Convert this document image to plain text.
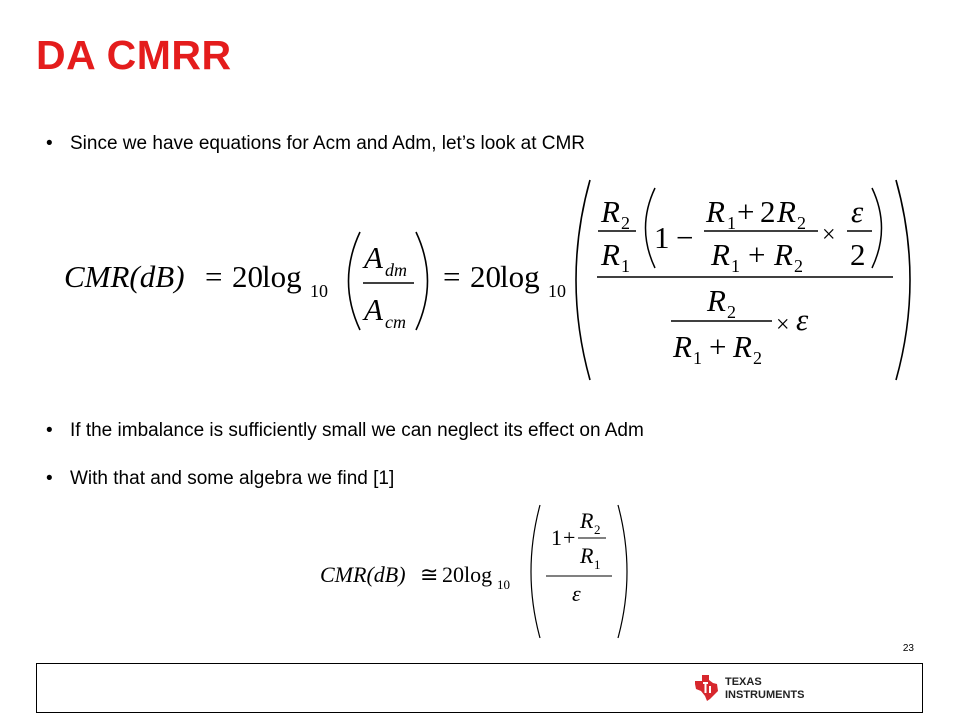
DA CMRR
• Since we have equations for Acm and Adm, let’s look at CMR
CMR(dB) = 20 log 10
A dm
A cm
= 20 log 10
R 2
R 1
1 −
R 1 + 2 R 2
R 1 + R 2
×
ε
2
R 2
R 1 + R 2
× ε
• If the imbalance is sufficiently small we can neglect its effect on Adm
• With that and some algebra we find [1]
CMR(dB) ≅ 20 log 10
1 +
R 2
R 1
ε
23
TEXAS
INSTRUMENTS
